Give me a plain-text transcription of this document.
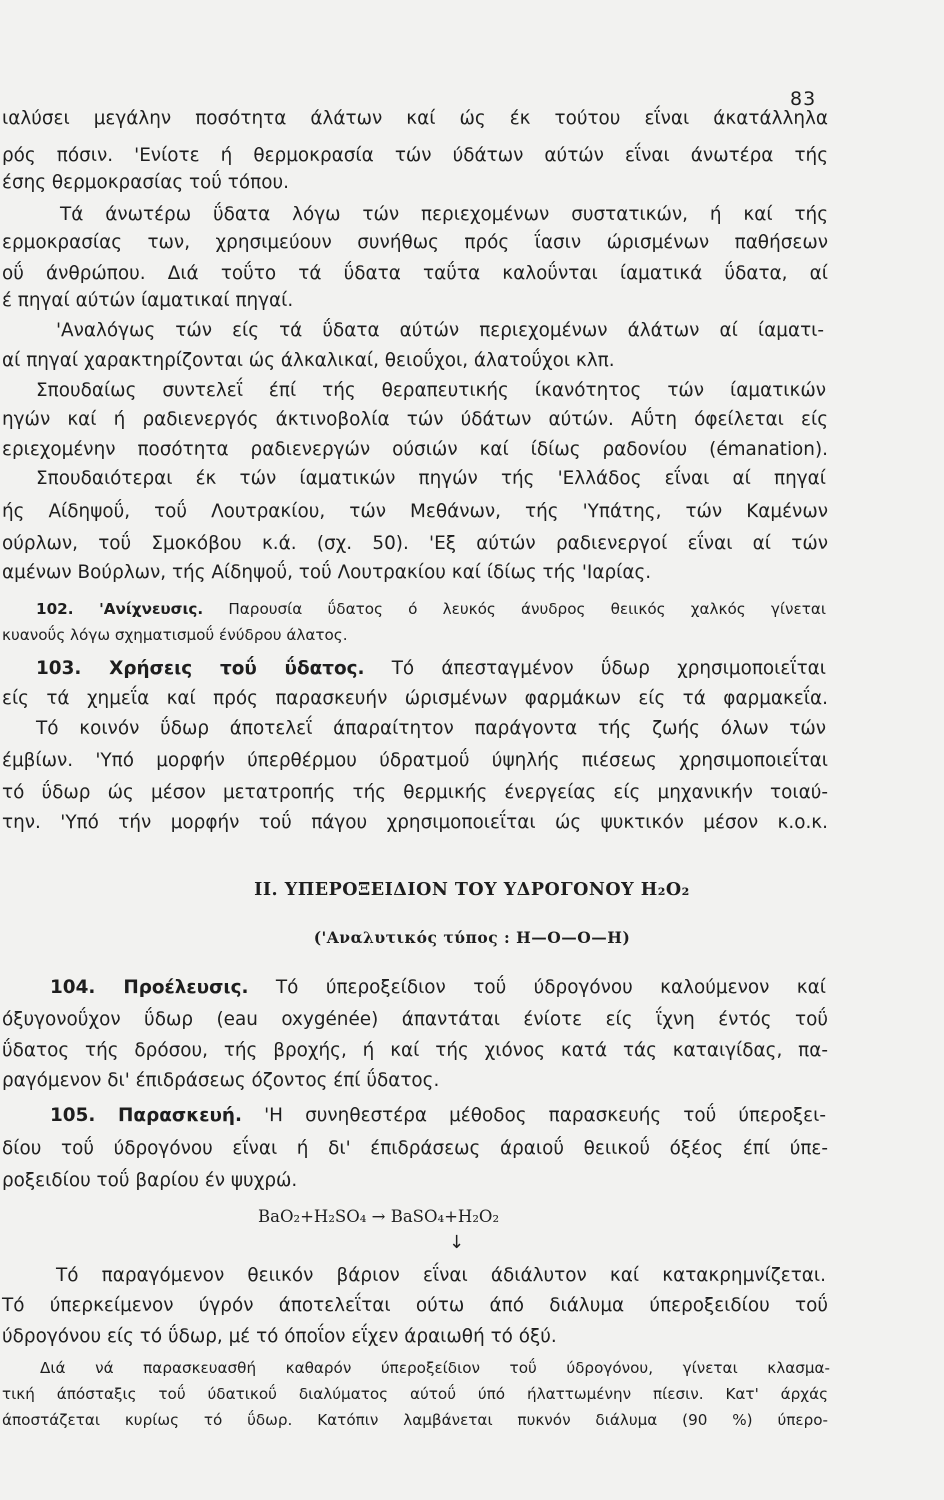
83
ιαλύσει μεγάλην ποσότητα άλάτων καί ώς έκ τούτου εΐναι άκατάλληλα
ρός πόσιν. 'Ενίοτε ή θερμοκρασία τών ύδάτων αύτών εΐναι άνωτέρα τής
έσης θερμοκρασίας τοΰ τόπου.
Τά άνωτέρω ΰδατα λόγω τών περιεχομένων συστατικών, ή καί τής
ερμοκρασίας των, χρησιμεύουν συνήθως πρός ΐασιν ώρισμένων παθήσεων
οΰ άνθρώπου. Διά τοΰτο τά ΰδατα ταΰτα καλοΰνται ίαματικά ΰδατα, αί
έ πηγαί αύτών ίαματικαί πηγαί.
'Αναλόγως τών είς τά ΰδατα αύτών περιεχομένων άλάτων αί ίαματι-
αί πηγαί χαρακτηρίζονται ώς άλκαλικαί, θειοΰχοι, άλατοΰχοι κλπ.
Σπουδαίως συντελεΐ έπί τής θεραπευτικής ίκανότητος τών ίαματικών
ηγών καί ή ραδιενεργός άκτινοβολία τών ύδάτων αύτών. Αΰτη όφείλεται είς
εριεχομένην ποσότητα ραδιενεργών ούσιών καί ίδίως ραδονίου (émanation).
Σπουδαιότεραι έκ τών ίαματικών πηγών τής 'Ελλάδος εΐναι αί πηγαί
ής Αίδηψοΰ, τοΰ Λουτρακίου, τών Μεθάνων, τής 'Υπάτης, τών Καμένων
ούρλων, τοΰ Σμοκόβου κ.ά. (σχ. 50). 'Εξ αύτών ραδιενεργοί εΐναι αί τών
αμένων Βούρλων, τής Αίδηψοΰ, τοΰ Λουτρακίου καί ίδίως τής 'Ιαρίας.
102. 'Ανίχνευσις. Παρουσία ΰδατος ό λευκός άνυδρος θειικός χαλκός γίνεται
κυανοΰς λόγω σχηματισμοΰ ένύδρου άλατος.
103. Χρήσεις τοΰ ΰδατος. Τό άπεσταγμένον ΰδωρ χρησιμοποιεΐται
είς τά χημεΐα καί πρός παρασκευήν ώρισμένων φαρμάκων είς τά φαρμακεΐα.
Τό κοινόν ΰδωρ άποτελεΐ άπαραίτητον παράγοντα τής ζωής όλων τών
έμβίων. 'Υπό μορφήν ύπερθέρμου ύδρατμοΰ ύψηλής πιέσεως χρησιμοποιεΐται
τό ΰδωρ ώς μέσον μετατροπής τής θερμικής ένεργείας είς μηχανικήν τοιαύ-
την. 'Υπό τήν μορφήν τοΰ πάγου χρησιμοποιεΐται ώς ψυκτικόν μέσον κ.ο.κ.
II. ΥΠΕΡΟΞΕΙΔΙΟΝ ΤΟΥ ΥΔΡΟΓΟΝΟΥ H₂O₂
('Αναλυτικός τύπος : H—O—O—H)
104. Προέλευσις. Τό ύπεροξείδιον τοΰ ύδρογόνου καλούμενον καί
όξυγονοΰχον ΰδωρ (eau oxygénée) άπαντάται ένίοτε είς ΐχνη έντός τοΰ
ΰδατος τής δρόσου, τής βροχής, ή καί τής χιόνος κατά τάς καταιγίδας, πα-
ραγόμενον δι' έπιδράσεως όζοντος έπί ΰδατος.
105. Παρασκευή. 'Η συνηθεστέρα μέθοδος παρασκευής τοΰ ύπεροξει-
δίου τοΰ ύδρογόνου εΐναι ή δι' έπιδράσεως άραιοΰ θειικοΰ όξέος έπί ύπε-
ροξειδίου τοΰ βαρίου έν ψυχρώ.
BaO₂+H₂SO₄ → BaSO₄+H₂O₂
↓
Τό παραγόμενον θειικόν βάριον εΐναι άδιάλυτον καί κατακρημνίζεται.
Τό ύπερκείμενον ύγρόν άποτελεΐται ούτω άπό διάλυμα ύπεροξειδίου τοΰ
ύδρογόνου είς τό ΰδωρ, μέ τό όποΐον εΐχεν άραιωθή τό όξύ.
Διά νά παρασκευασθή καθαρόν ύπεροξείδιον τοΰ ύδρογόνου, γίνεται κλασμα-
τική άπόσταξις τοΰ ύδατικοΰ διαλύματος αύτοΰ ύπό ήλαττωμένην πίεσιν. Κατ' άρχάς
άποστάζεται κυρίως τό ΰδωρ. Κατόπιν λαμβάνεται πυκνόν διάλυμα (90 %) ύπερο-
